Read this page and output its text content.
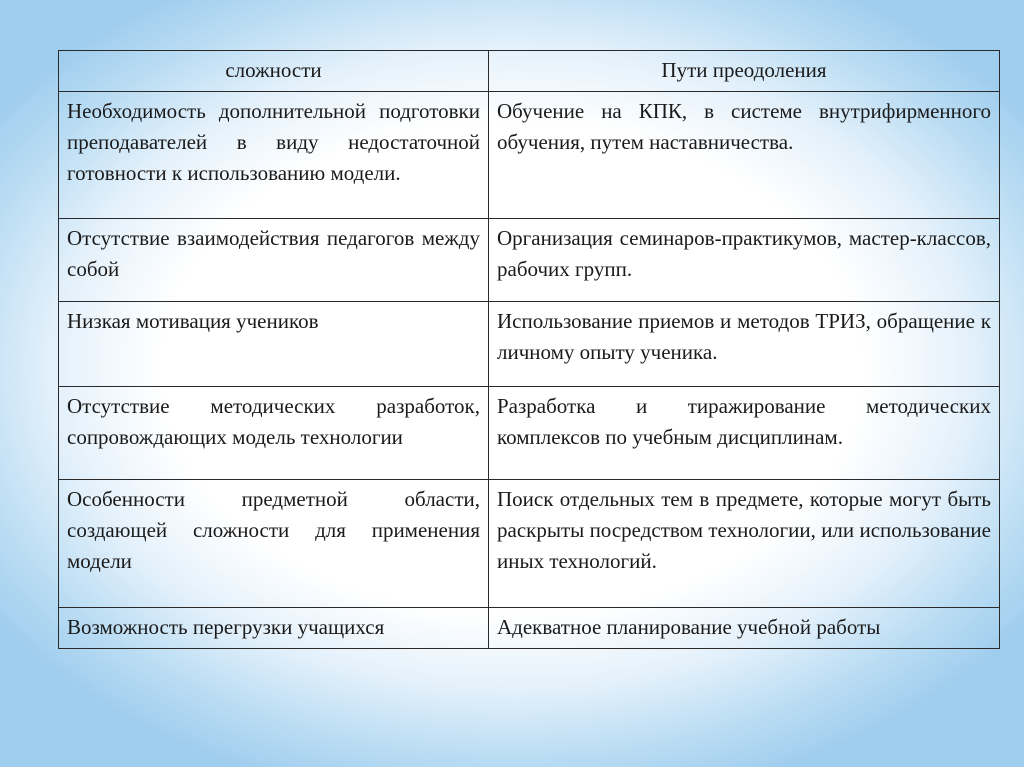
сложности	Пути преодоления
Необходимость дополнительной подготовки преподавателей в виду недостаточной готовности к использованию модели.	Обучение на КПК, в системе внутрифирменного обучения, путем наставничества.
Отсутствие взаимодействия педагогов между собой	Организация семинаров-практикумов, мастер-классов, рабочих групп.
Низкая мотивация учеников	Использование приемов и методов ТРИЗ, обращение к личному опыту ученика.
Отсутствие методических разработок, сопровождающих модель технологии	Разработка и тиражирование методических комплексов по учебным дисциплинам.
Особенности предметной области, создающей сложности для применения модели	Поиск отдельных тем в предмете, которые могут быть раскрыты посредством технологии, или использование иных технологий.
Возможность перегрузки учащихся	Адекватное планирование учебной работы
